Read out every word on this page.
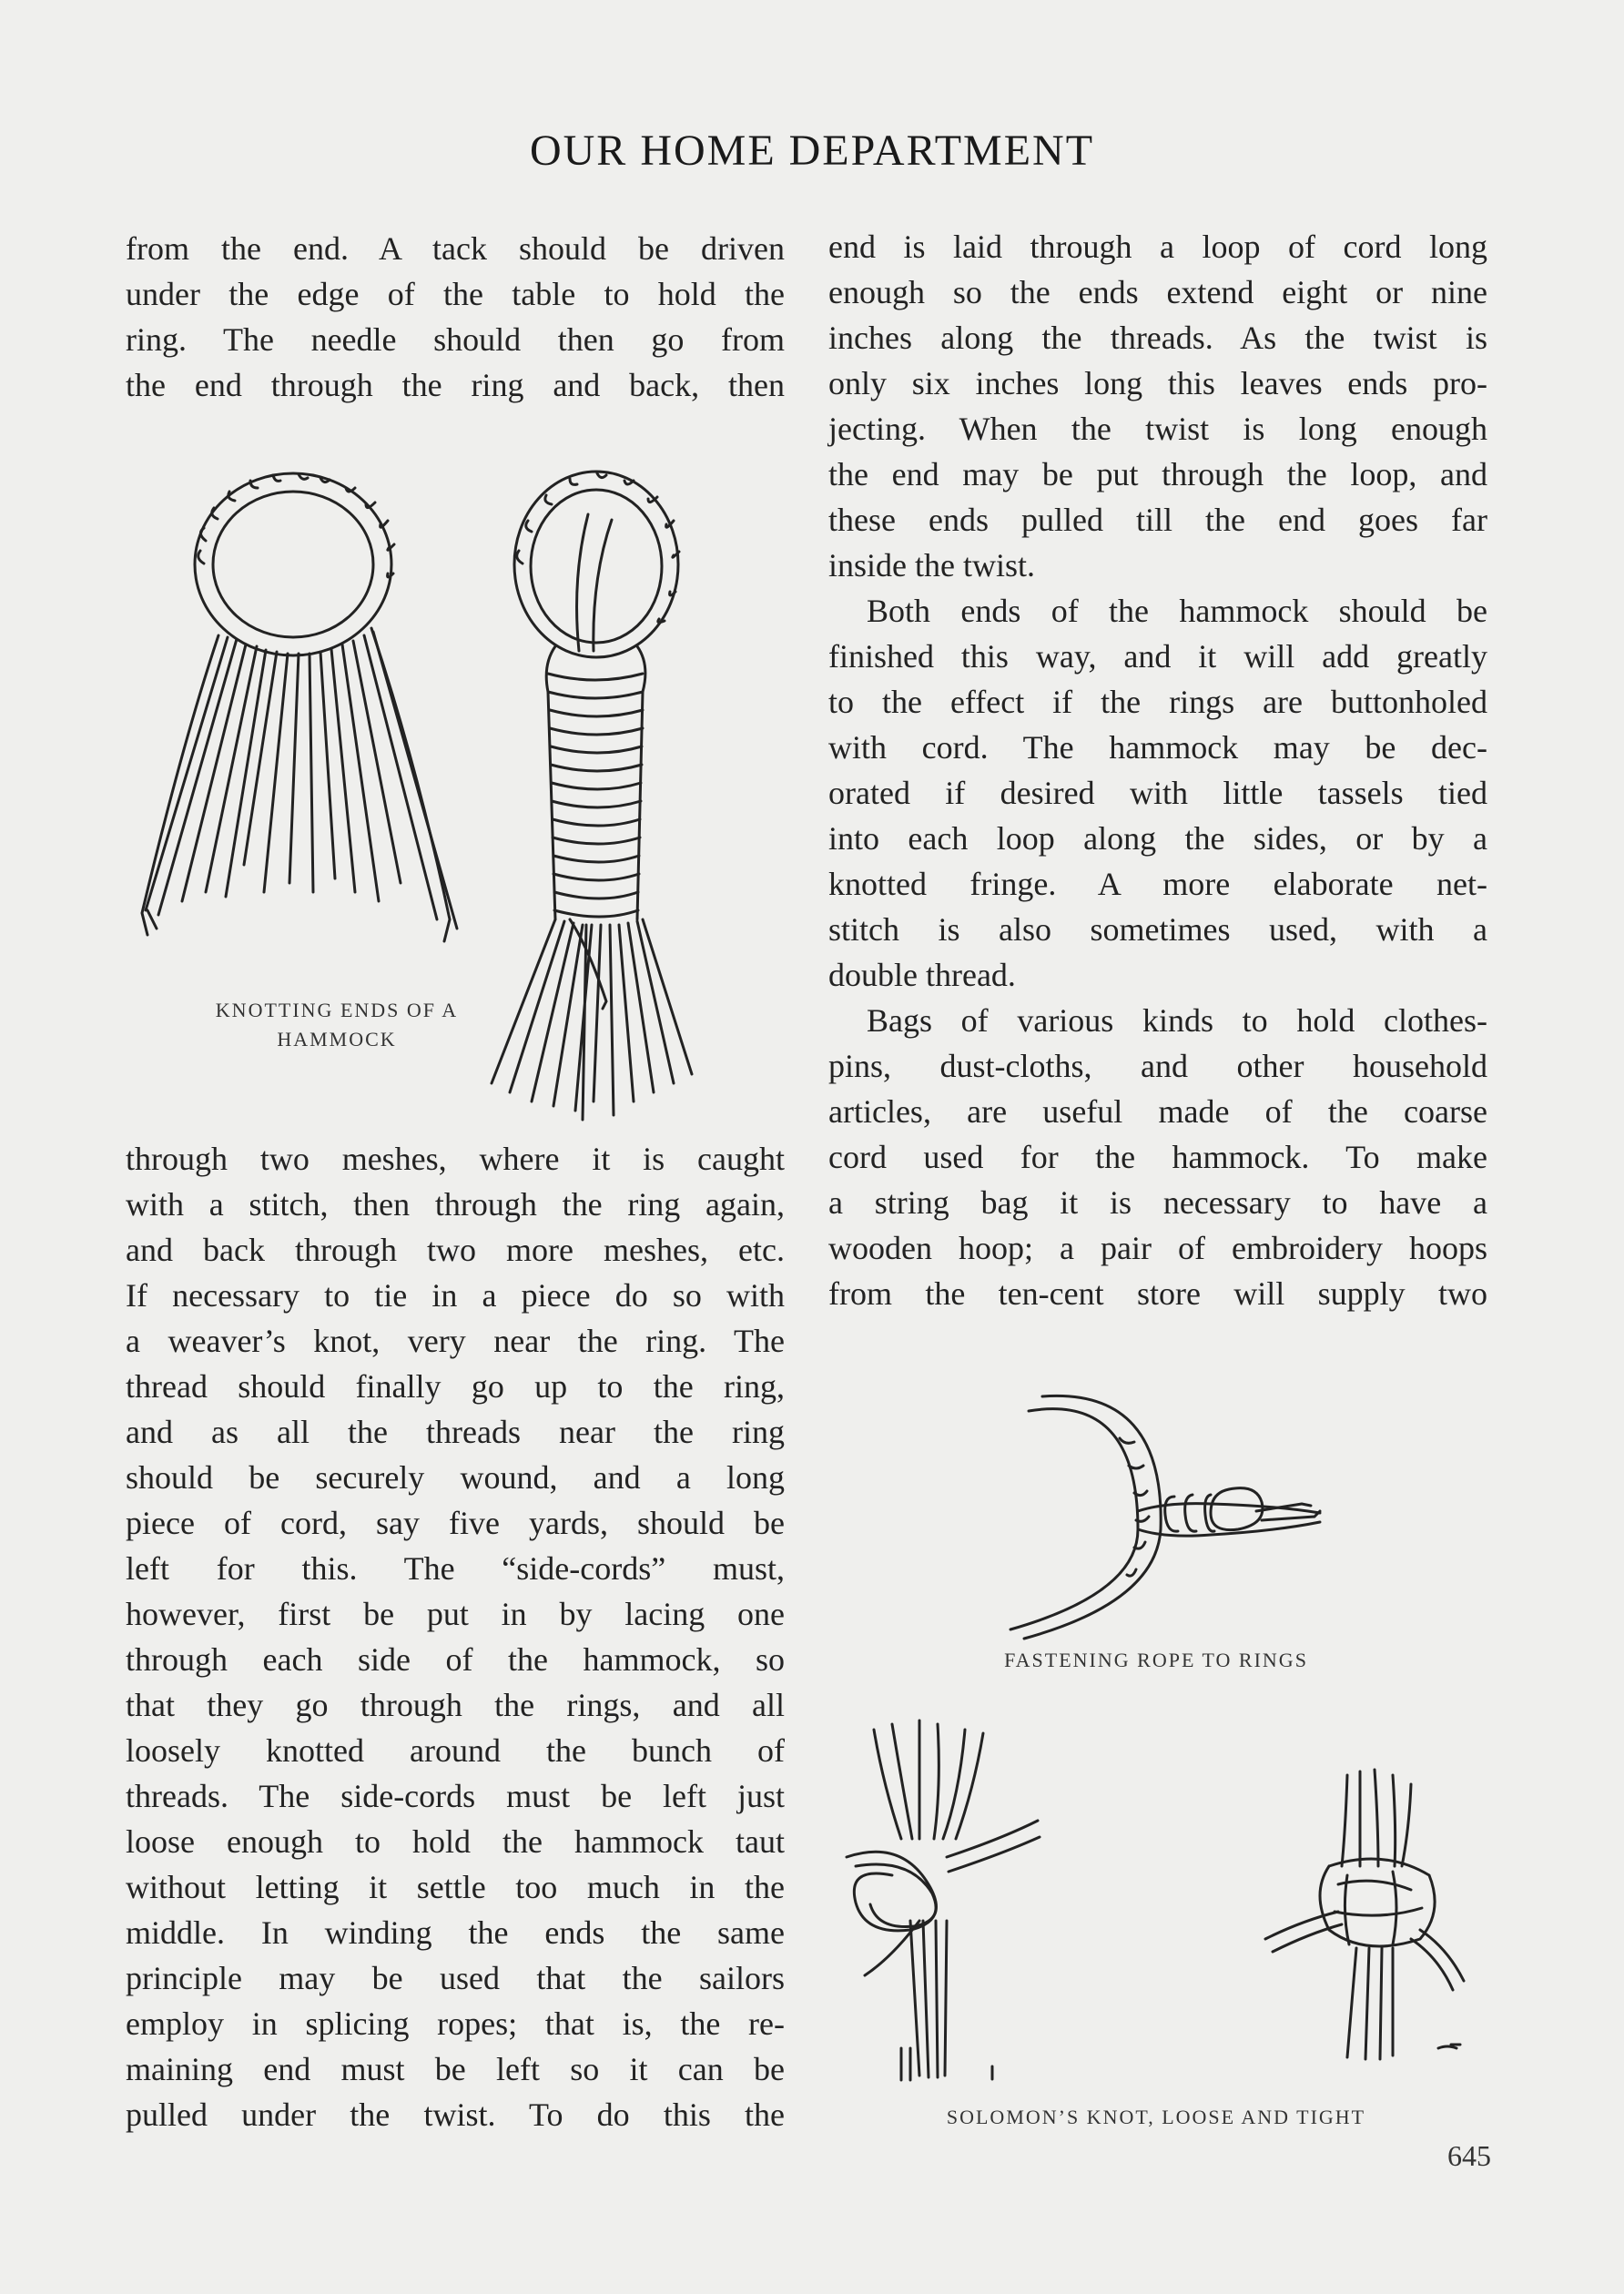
OUR HOME DEPARTMENT
from the end. A tack should be driven
under the edge of the table to hold the
ring. The needle should then go from
the end through the ring and back, then
KNOTTING ENDS OF A
HAMMOCK
through two meshes, where it is caught
with a stitch, then through the ring again,
and back through two more meshes, etc.
If necessary to tie in a piece do so with
a weaver’s knot, very near the ring. The
thread should finally go up to the ring,
and as all the threads near the ring
should be securely wound, and a long
piece of cord, say five yards, should be
left for this. The “side-cords” must,
however, first be put in by lacing one
through each side of the hammock, so
that they go through the rings, and all
loosely knotted around the bunch of
threads. The side-cords must be left just
loose enough to hold the hammock taut
without letting it settle too much in the
middle. In winding the ends the same
principle may be used that the sailors
employ in splicing ropes; that is, the re-
maining end must be left so it can be
pulled under the twist. To do this the
end is laid through a loop of cord long
enough so the ends extend eight or nine
inches along the threads. As the twist is
only six inches long this leaves ends pro-
jecting. When the twist is long enough
the end may be put through the loop, and
these ends pulled till the end goes far
inside the twist.
Both ends of the hammock should be
finished this way, and it will add greatly
to the effect if the rings are buttonholed
with cord. The hammock may be dec-
orated if desired with little tassels tied
into each loop along the sides, or by a
knotted fringe. A more elaborate net-
stitch is also sometimes used, with a
double thread.
Bags of various kinds to hold clothes-
pins, dust-cloths, and other household
articles, are useful made of the coarse
cord used for the hammock. To make
a string bag it is necessary to have a
wooden hoop; a pair of embroidery hoops
from the ten-cent store will supply two
FASTENING ROPE TO RINGS
SOLOMON’S KNOT, LOOSE AND TIGHT
645
